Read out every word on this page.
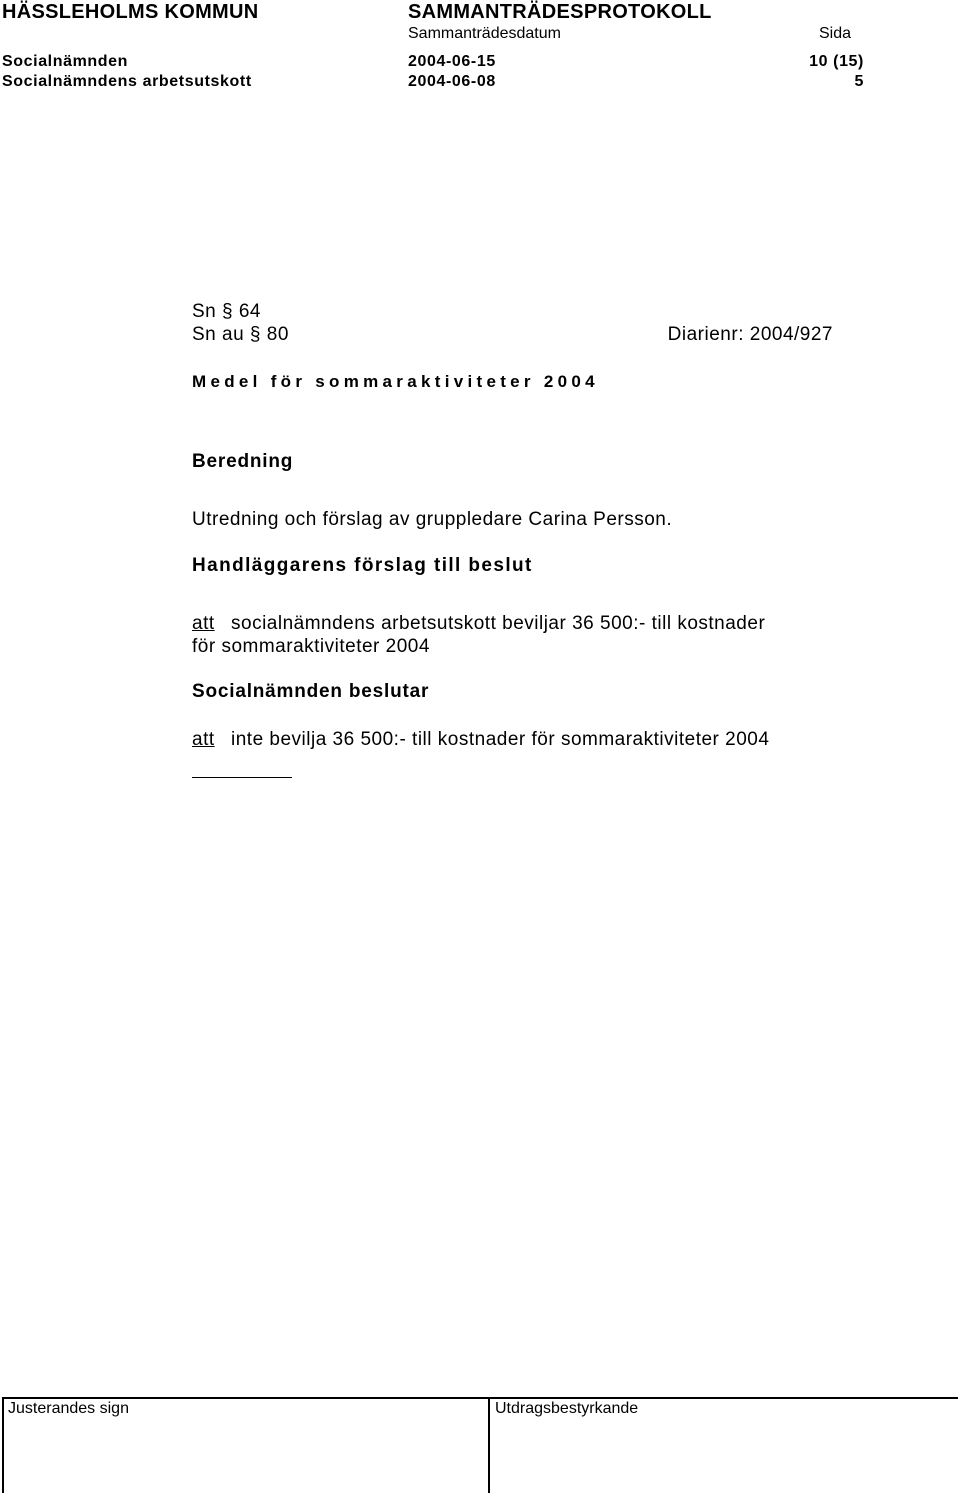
HÄSSLEHOLMS KOMMUN	SAMMANTRÄDESPROTOKOLL
Sammanträdesdatum	Sida
Socialnämnden	2004-06-15	10 (15)
Socialnämndens arbetsutskott	2004-06-08	5
Sn § 64
Sn au § 80	Diarienr: 2004/927
Medel för sommaraktiviteter 2004
Beredning
Utredning och förslag av gruppledare Carina Persson.
Handläggarens förslag till beslut
att socialnämndens arbetsutskott beviljar 36 500:- till kostnader
för sommaraktiviteter 2004
Socialnämnden beslutar
att inte bevilja 36 500:- till kostnader för sommaraktiviteter 2004
Justerandes sign	Utdragsbestyrkande
